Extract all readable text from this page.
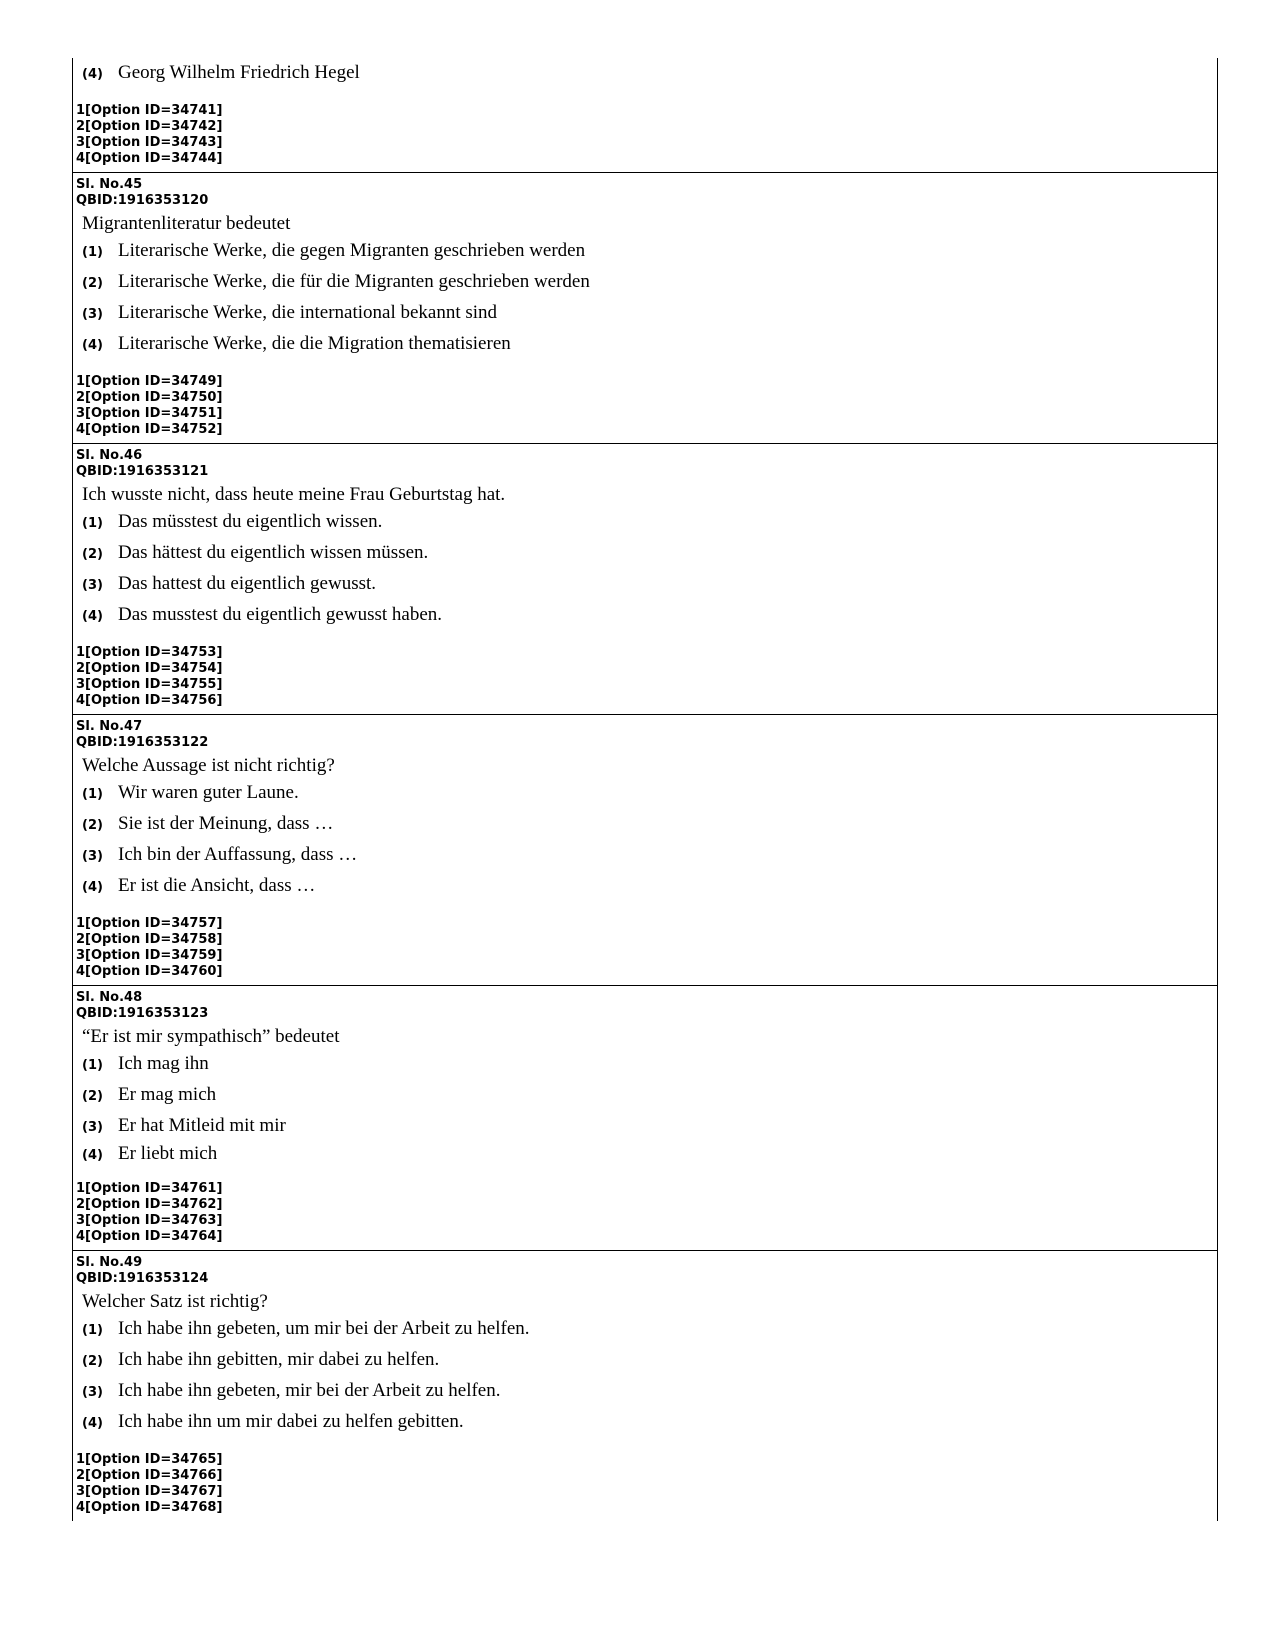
(4) Georg Wilhelm Friedrich Hegel
1[Option ID=34741]
2[Option ID=34742]
3[Option ID=34743]
4[Option ID=34744]
Sl. No.45
QBID:1916353120
Migrantenliteratur bedeutet
(1) Literarische Werke, die gegen Migranten geschrieben werden
(2) Literarische Werke, die für die Migranten geschrieben werden
(3) Literarische Werke, die international bekannt sind
(4) Literarische Werke, die die Migration thematisieren
1[Option ID=34749]
2[Option ID=34750]
3[Option ID=34751]
4[Option ID=34752]
Sl. No.46
QBID:1916353121
Ich wusste nicht, dass heute meine Frau Geburtstag hat.
(1) Das müsstest du eigentlich wissen.
(2) Das hättest du eigentlich wissen müssen.
(3) Das hattest du eigentlich gewusst.
(4) Das musstest du eigentlich gewusst haben.
1[Option ID=34753]
2[Option ID=34754]
3[Option ID=34755]
4[Option ID=34756]
Sl. No.47
QBID:1916353122
Welche Aussage ist nicht richtig?
(1) Wir waren guter Laune.
(2) Sie ist der Meinung, dass …
(3) Ich bin der Auffassung, dass …
(4) Er ist die Ansicht, dass …
1[Option ID=34757]
2[Option ID=34758]
3[Option ID=34759]
4[Option ID=34760]
Sl. No.48
QBID:1916353123
“Er ist mir sympathisch” bedeutet
(1) Ich mag ihn
(2) Er mag mich
(3) Er hat Mitleid mit mir
(4) Er liebt mich
1[Option ID=34761]
2[Option ID=34762]
3[Option ID=34763]
4[Option ID=34764]
Sl. No.49
QBID:1916353124
Welcher Satz ist richtig?
(1) Ich habe ihn gebeten, um mir bei der Arbeit zu helfen.
(2) Ich habe ihn gebitten, mir dabei zu helfen.
(3) Ich habe ihn gebeten, mir bei der Arbeit zu helfen.
(4) Ich habe ihn um mir dabei zu helfen gebitten.
1[Option ID=34765]
2[Option ID=34766]
3[Option ID=34767]
4[Option ID=34768]
